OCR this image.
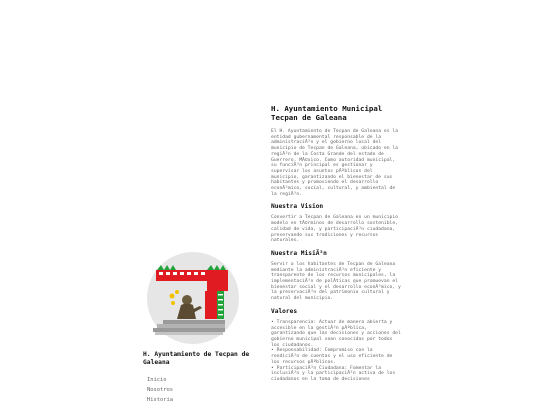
H. Ayuntamiento de Tecpan de Galeana
Inicio
Nosotros
Historia
H. Ayuntamiento Municipal Tecpan de Galeana

El H. Ayuntamiento de Tecpan de Galeana es la entidad gubernamental responsable de la administraciÃ³n y el gobierno local del municipio de Tecpan de Galeana, ubicado en la regiÃ³n de la Costa Grande del estado de Guerrero, MÃ©xico. Como autoridad municipal, su funciÃ³n principal es gestionar y supervisar los asuntos pÃºblicos del municipio, garantizando el bienestar de sus habitantes y promoviendo el desarrollo econÃ³mico, social, cultural, y ambiental de la regiÃ³n.

Nuestra Vision

Convertir a Tecpan de Galeana en un municipio modelo en tÃ©rminos de desarrollo sostenible, calidad de vida, y participaciÃ³n ciudadana, preservando sus tradiciones y recursos naturales.

Nuestra MisiÃ³n

Servir a los habitantes de Tecpan de Galeana mediante la administraciÃ³n eficiente y transparente de los recursos municipales, la implementaciÃ³n de polÃticas que promuevan el bienestar social y el desarrollo econÃ³mico, y la preservaciÃ³n del patrimonio cultural y natural del municipio.

Valores
• Transparencia: Actuar de manera abierta y accesible en la gestiÃ³n pÃºblica, garantizando que las decisiones y acciones del gobierno municipal sean conocidas por todos los ciudadanos.
• Responsabilidad: Compromiso con la rendiciÃ³n de cuentas y el uso eficiente de los recursos pÃºblicos.
• ParticipaciÃ³n Ciudadana: Fomentar la inclusiÃ³n y la participaciÃ³n activa de los ciudadanos en la toma de decisiones
